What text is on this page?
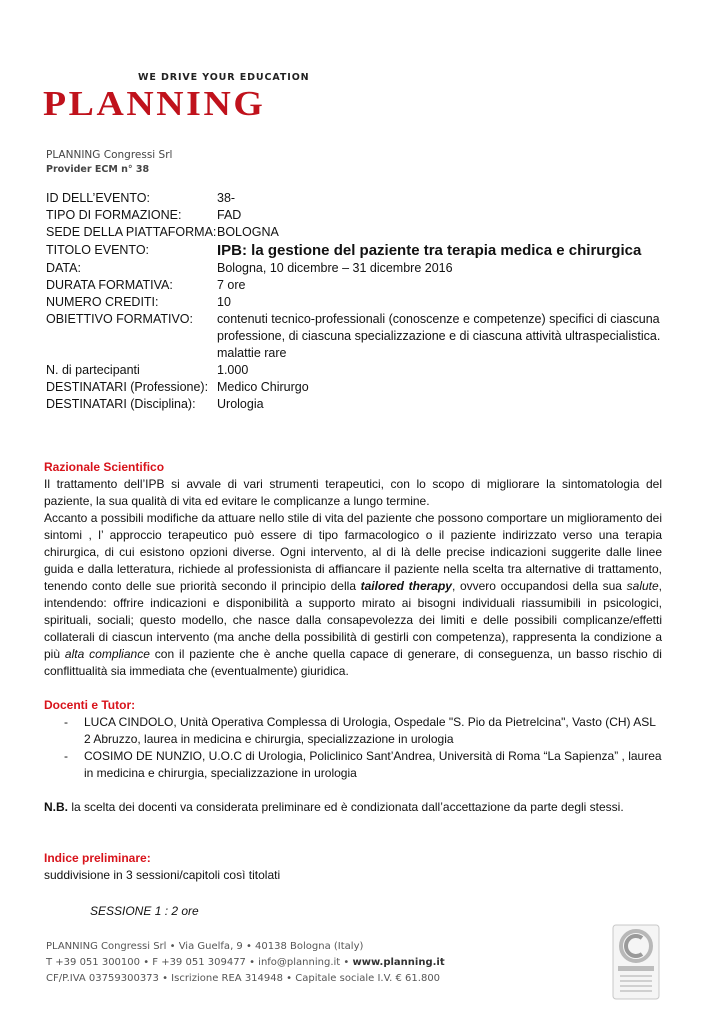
WE DRIVE YOUR EDUCATION
PLANNING
PLANNING Congressi Srl
Provider ECM n° 38
ID DELL’EVENTO:	38-
TIPO DI FORMAZIONE:	FAD
SEDE DELLA PIATTAFORMA: BOLOGNA
TITOLO EVENTO:	IPB: la gestione del paziente tra terapia medica e chirurgica
DATA:	Bologna, 10 dicembre – 31 dicembre 2016
DURATA FORMATIVA:	7 ore
NUMERO CREDITI:	10
OBIETTIVO FORMATIVO:	contenuti tecnico-professionali (conoscenze e competenze) specifici di ciascuna professione, di ciascuna specializzazione e di ciascuna attività ultraspecialistica. malattie rare
N. di partecipanti	1.000
DESTINATARI (Professione): Medico Chirurgo
DESTINATARI (Disciplina):	Urologia
Razionale Scientifico

Il trattamento dell’IPB si avvale di vari strumenti terapeutici, con lo scopo di migliorare la sintomatologia del paziente, la sua qualità di vita ed evitare le complicanze a lungo termine.

Accanto a possibili modifiche da attuare nello stile di vita del paziente che possono comportare un miglioramento dei sintomi , l’ approccio terapeutico può essere di tipo farmacologico o il paziente indirizzato verso una terapia chirurgica, di cui esistono opzioni diverse. Ogni intervento, al di là delle precise indicazioni suggerite dalle linee guida e dalla letteratura, richiede al professionista di affiancare il paziente nella scelta tra alternative di trattamento, tenendo conto delle sue priorità secondo il principio della tailored therapy, ovvero occupandosi della sua salute, intendendo: offrire indicazioni e disponibilità a supporto mirato ai bisogni individuali riassumibili in psicologici, spirituali, sociali; questo modello, che nasce dalla consapevolezza dei limiti e delle possibili complicanze/effetti collaterali di ciascun intervento (ma anche della possibilità di gestirli con competenza), rappresenta la condizione a più alta compliance con il paziente che è anche quella capace di generare, di conseguenza, un basso rischio di conflittualità sia immediata che (eventualmente) giuridica.

Docenti e Tutor:
-	LUCA CINDOLO, Unità Operativa Complessa di Urologia, Ospedale "S. Pio da Pietrelcina", Vasto (CH) ASL 2 Abruzzo, laurea in medicina e chirurgia, specializzazione in urologia
-	COSIMO DE NUNZIO, U.O.C di Urologia, Policlinico Sant’Andrea, Università di Roma “La Sapienza” , laurea in medicina e chirurgia, specializzazione in urologia

N.B. la scelta dei docenti va considerata preliminare ed è condizionata dall’accettazione da parte degli stessi.

Indice preliminare:
suddivisione in 3 sessioni/capitoli così titolati
SESSIONE 1 : 2 ore
PLANNING Congressi Srl • Via Guelfa, 9 • 40138 Bologna (Italy)
T +39 051 300100 • F +39 051 309477 • info@planning.it • www.planning.it
CF/P.IVA 03759300373 • Iscrizione REA 314948 • Capitale sociale I.V. € 61.800
